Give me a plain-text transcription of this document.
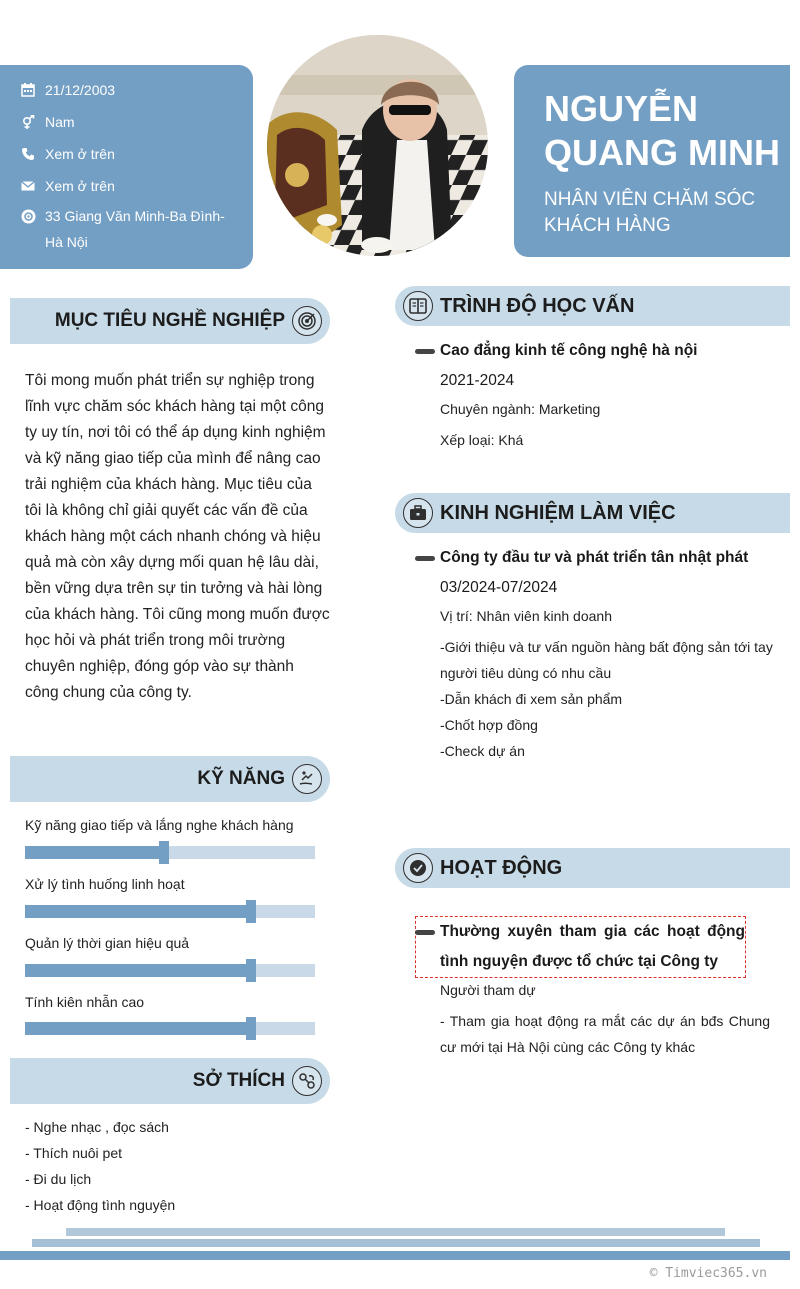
21/12/2003
Nam
Xem ở trên
Xem ở trên
33 Giang Văn Minh-Ba Đình- Hà Nội
NGUYỄN
QUANG MINH
NHÂN VIÊN CHĂM SÓC KHÁCH HÀNG
MỤC TIÊU NGHỀ NGHIỆP

Tôi mong muốn phát triển sự nghiệp trong lĩnh vực chăm sóc khách hàng tại một công ty uy tín, nơi tôi có thể áp dụng kinh nghiệm và kỹ năng giao tiếp của mình để nâng cao trải nghiệm của khách hàng. Mục tiêu của tôi là không chỉ giải quyết các vấn đề của khách hàng một cách nhanh chóng và hiệu quả mà còn xây dựng mối quan hệ lâu dài, bền vững dựa trên sự tin tưởng và hài lòng của khách hàng. Tôi cũng mong muốn được học hỏi và phát triển trong môi trường chuyên nghiệp, đóng góp vào sự thành công chung của công ty.

KỸ NĂNG
Kỹ năng giao tiếp và lắng nghe khách hàng
Xử lý tình huống linh hoạt
Quản lý thời gian hiệu quả
Tính kiên nhẫn cao
SỞ THÍCH
- Nghe nhạc , đọc sách
- Thích nuôi pet
- Đi du lịch
- Hoạt động tình nguyện
TRÌNH ĐỘ HỌC VẤN
Cao đẳng kinh tế công nghệ hà nội
2021-2024
Chuyên ngành: Marketing
Xếp loại: Khá
KINH NGHIỆM LÀM VIỆC
Công ty đầu tư và phát triển tân nhật phát
03/2024-07/2024
Vị trí: Nhân viên kinh doanh
-Giới thiệu và tư vấn nguồn hàng bất động sản tới tay người tiêu dùng có nhu cầu
-Dẫn khách đi xem sản phẩm
-Chốt hợp đồng
-Check dự án
HOẠT ĐỘNG
Thường xuyên tham gia các hoạt động tình nguyện được tổ chức tại Công ty
Người tham dự
- Tham gia hoạt động ra mắt các dự án bđs Chung cư mới tại Hà Nội cùng các Công ty khác
© Timviec365.vn
